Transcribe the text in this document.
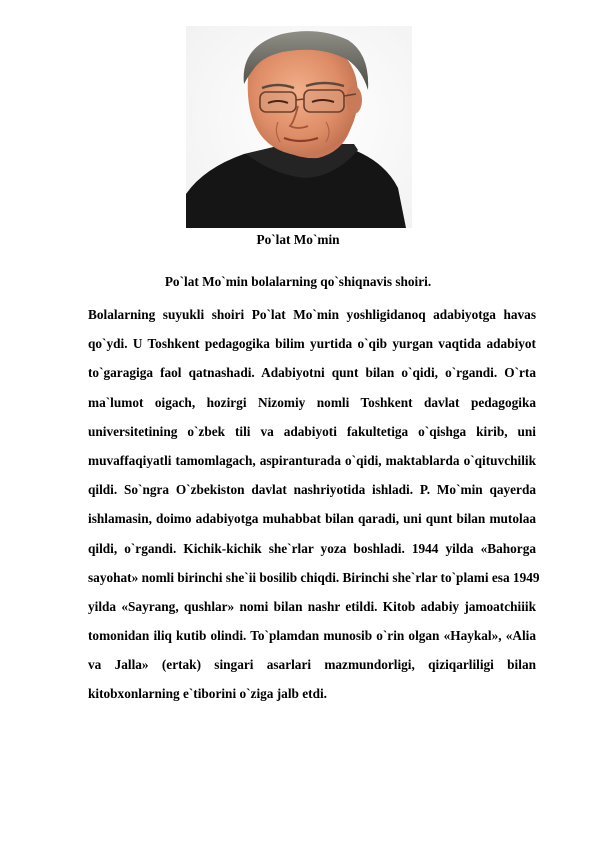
Po`lat Mo`min
Po`lat Mo`min bolalarning qo`shiqnavis shoiri.
Bolalarning suyukli shoiri Po`lat Mo`min yoshligidanoq adabiyotga havas
qo`ydi. U Toshkent pedagogika bilim yurtida o`qib yurgan vaqtida adabiyot
to`garagiga faol qatnashadi. Adabiyotni qunt bilan o`qidi, o`rgandi. O`rta
ma`lumot oigach, hozirgi Nizomiy nomli Toshkent davlat pedagogika
universitetining o`zbek tili va adabiyoti fakultetiga o`qishga kirib, uni
muvaffaqiyatli tamomlagach, aspiranturada o`qidi, maktablarda o`qituvchilik
qildi. So`ngra O`zbekiston davlat nashriyotida ishladi. P. Mo`min qayerda
ishlamasin, doimo adabiyotga muhabbat bilan qaradi, uni qunt bilan mutolaa
qildi, o`rgandi. Kichik-kichik she`rlar yoza boshladi. 1944 yilda «Bahorga
sayohat» nomli birinchi she`ii bosilib chiqdi. Birinchi she`rlar to`plami esa 1949
yilda «Sayrang, qushlar» nomi bilan nashr etildi. Kitob adabiy jamoatchiiik
tomonidan iliq kutib olindi. To`plamdan munosib o`rin olgan «Haykal», «Alia
va Jalla» (ertak) singari asarlari mazmundorligi, qiziqarliligi bilan
kitobxonlarning e`tiborini o`ziga jalb etdi.
